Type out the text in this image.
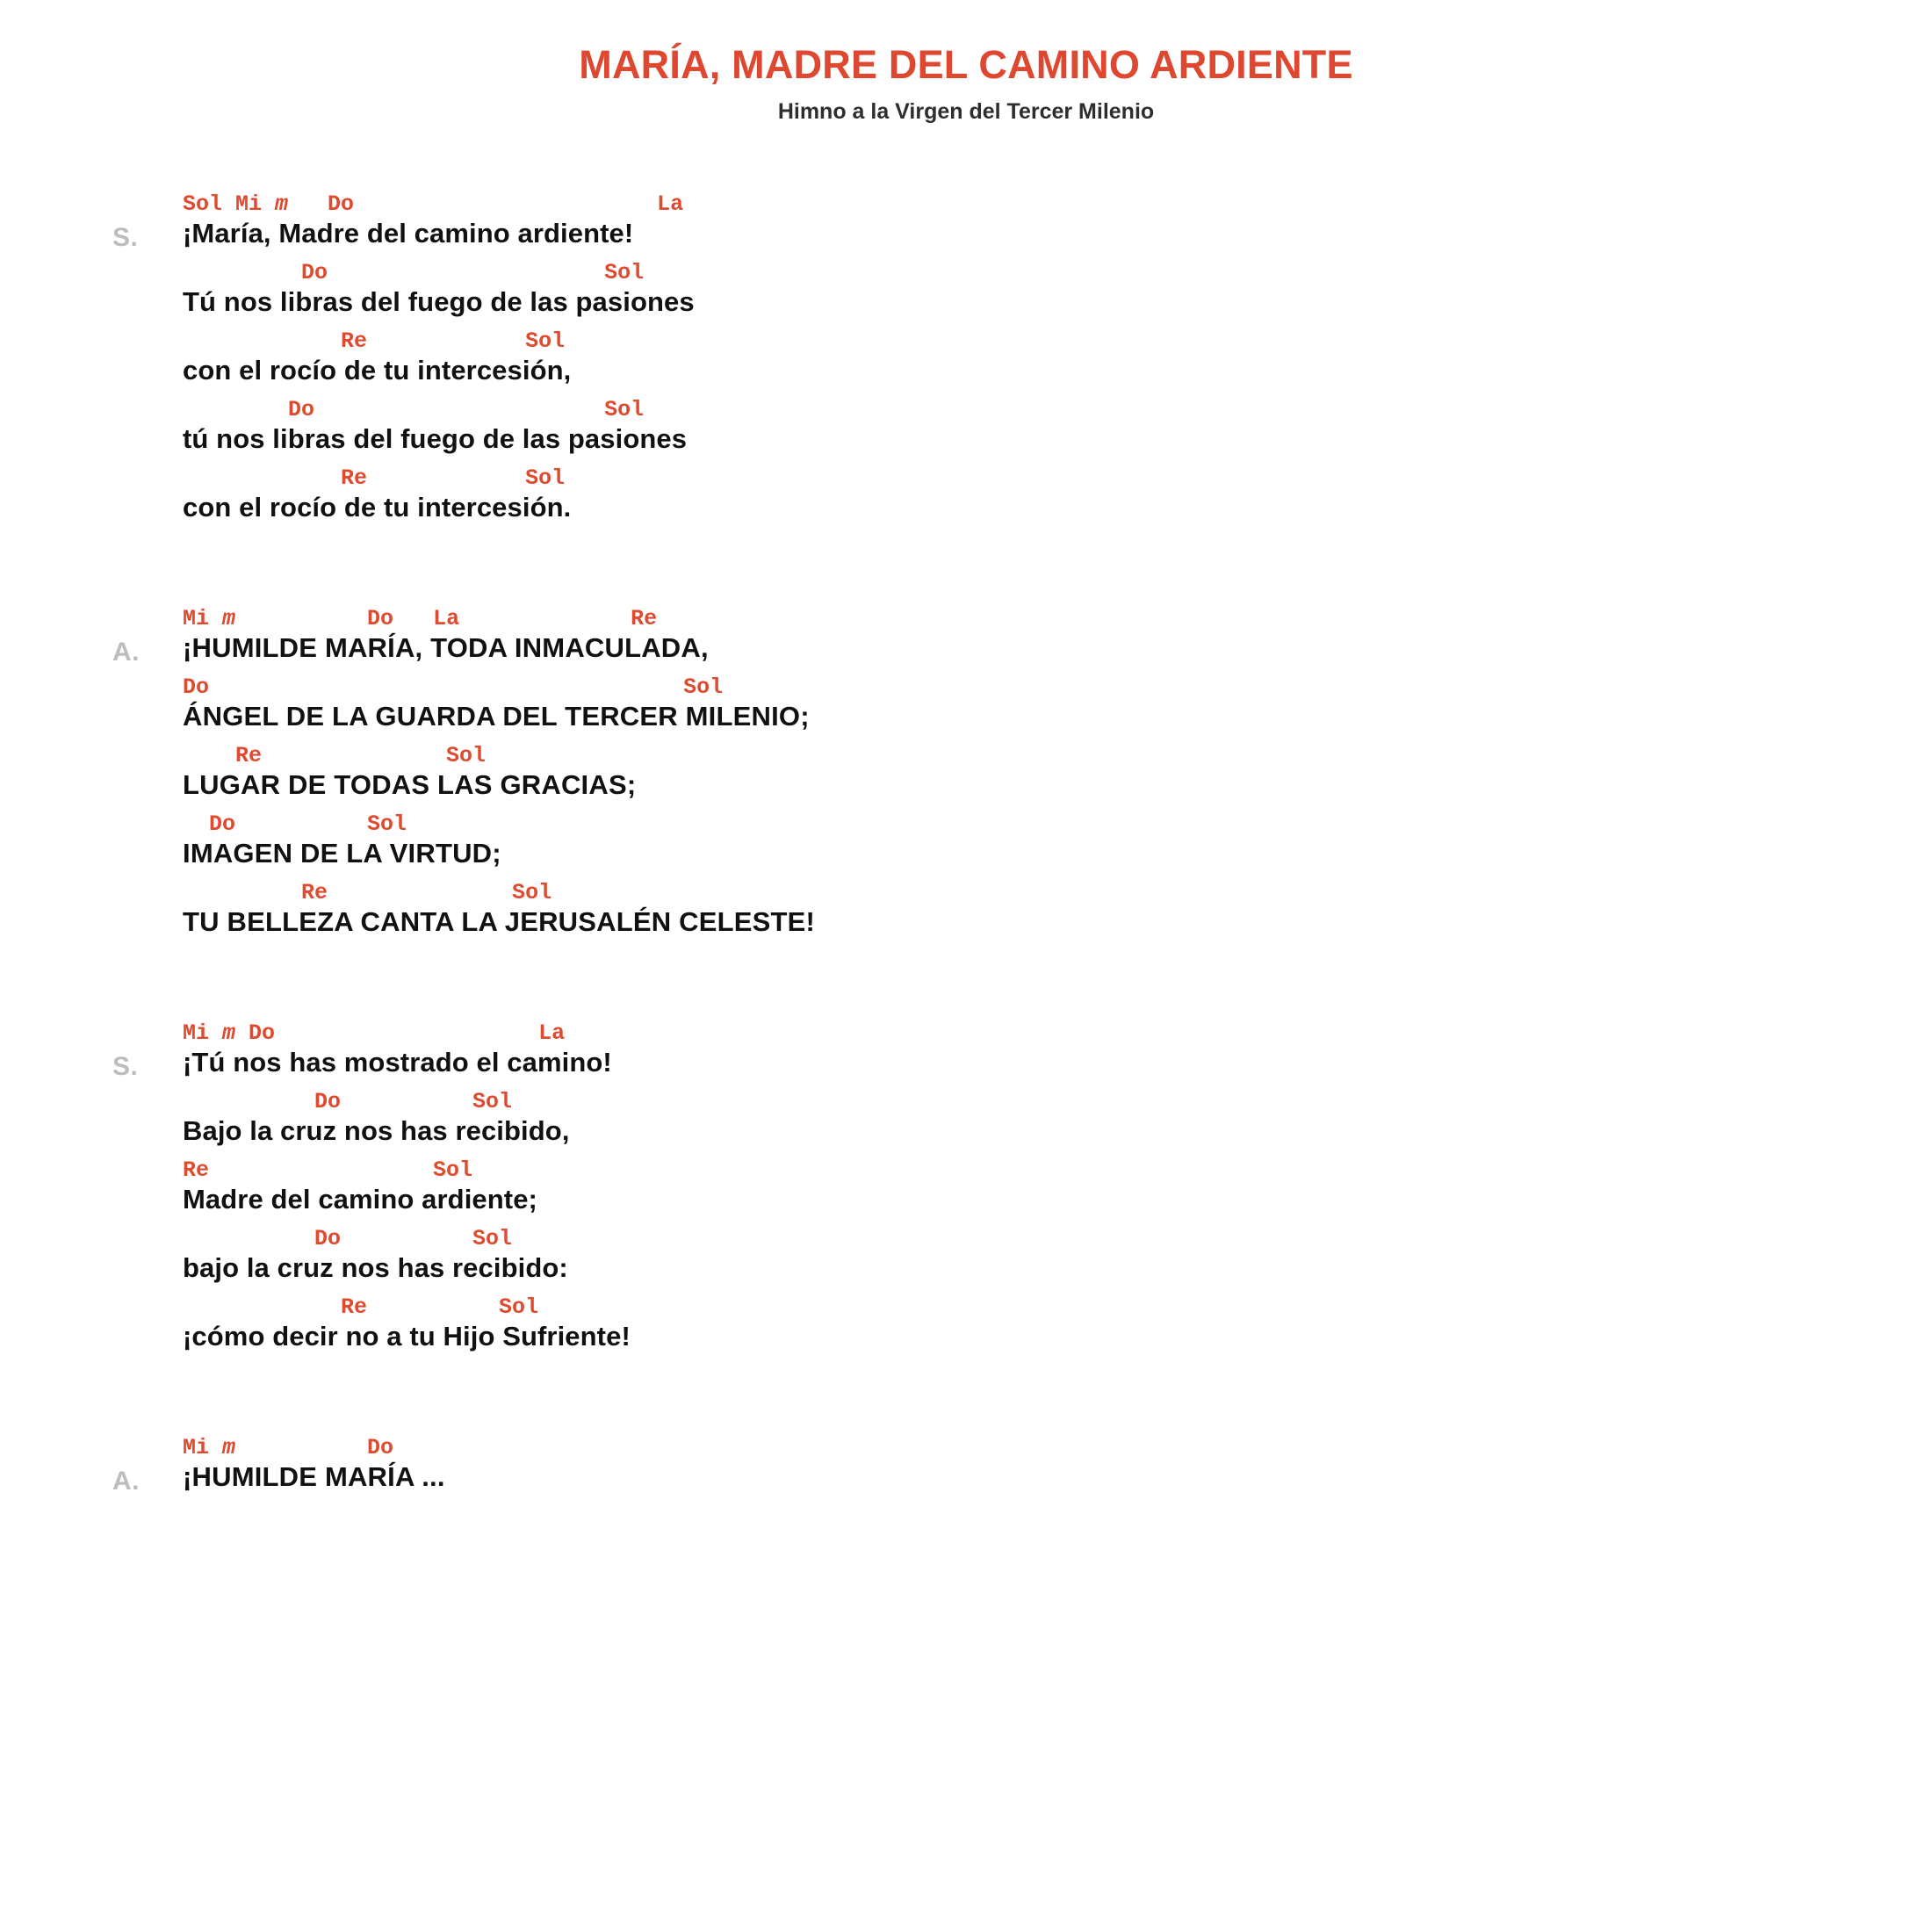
MARÍA, MADRE DEL CAMINO ARDIENTE
Himno a la Virgen del Tercer Milenio
S.
Sol Mi m   Do                       La
¡María, Madre del camino ardiente!
Do                     Sol
Tú nos libras del fuego de las pasiones
Re            Sol
con el rocío de tu intercesión,
Do                      Sol
tú nos libras del fuego de las pasiones
Re            Sol
con el rocío de tu intercesión.
A.
Mi m          Do   La             Re
¡HUMILDE MARÍA, TODA INMACULADA,
Do                                    Sol
ÁNGEL DE LA GUARDA DEL TERCER MILENIO;
Re              Sol
LUGAR DE TODAS LAS GRACIAS;
Do          Sol
IMAGEN DE LA VIRTUD;
Re              Sol
TU BELLEZA CANTA LA JERUSALÉN CELESTE!
S.
Mi m Do                    La
¡Tú nos has mostrado el camino!
Do          Sol
Bajo la cruz nos has recibido,
Re                 Sol
Madre del camino ardiente;
Do          Sol
bajo la cruz nos has recibido:
Re          Sol
¡cómo decir no a tu Hijo Sufriente!
A.
Mi m          Do
¡HUMILDE MARÍA ...
